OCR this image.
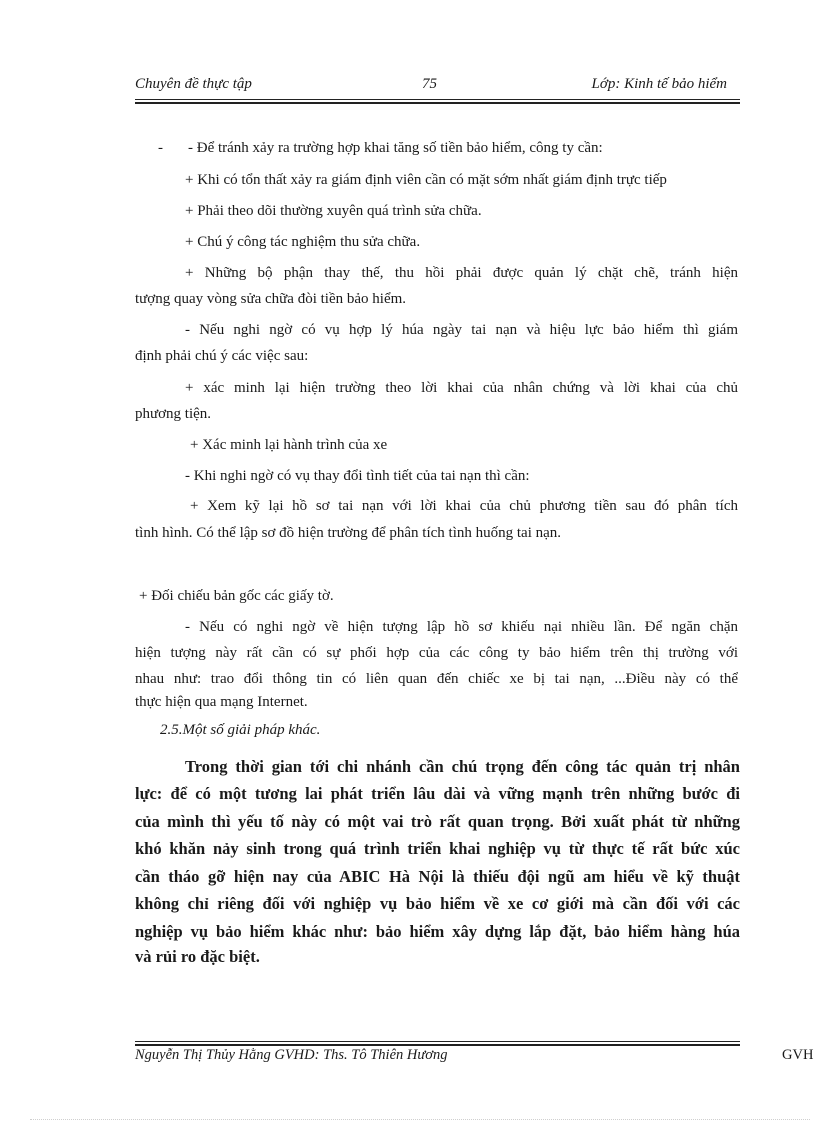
Chuyên đề thực tập	75	Lớp: Kinh tế bảo hiểm
- - Để tránh xảy ra trường hợp khai tăng số tiền bảo hiểm, công ty cần:
+ Khi có tổn thất xảy ra giám định viên cần có mặt sớm nhất giám định trực tiếp
+ Phải theo dõi thường xuyên quá trình sửa chữa.
+ Chú ý công tác nghiệm thu sửa chữa.
+ Những bộ phận thay thế, thu hồi phải được quản lý chặt chẽ, tránh hiện
tượng quay vòng sửa chữa đòi tiền bảo hiểm.
- Nếu nghi ngờ có vụ hợp lý húa ngày tai nạn và hiệu lực bảo hiểm thì giám
định phải chú ý các việc sau:
+ xác minh lại hiện trường theo lời khai của nhân chứng và lời khai của chủ
phương tiện.
+ Xác minh lại hành trình của xe
- Khi nghi ngờ có vụ thay đổi tình tiết của tai nạn thì cần:
+ Xem kỹ lại hồ sơ tai nạn với lời khai của chủ phương tiền sau đó phân tích
tình hình. Có thể lập sơ đồ hiện trường để phân tích tình huống tai nạn.
+ Đối chiếu bản gốc các giấy tờ.
- Nếu có nghi ngờ về hiện tượng lập hồ sơ khiếu nại nhiều lần. Để ngăn chặn
hiện tượng này rất cần có sự phối hợp của các công ty bảo hiểm trên thị trường với
nhau như: trao đổi thông tin có liên quan đến chiếc xe bị tai nạn, ...Điều này có thể
thực hiện qua mạng Internet.
2.5.Một số giải pháp khác.
Trong thời gian tới chi nhánh cần chú trọng đến công tác quản trị nhân
lực: để có một tương lai phát triển lâu dài và vững mạnh trên những bước đi
của mình thì yếu tố này có một vai trò rất quan trọng. Bởi xuất phát từ những
khó khăn nảy sinh trong quá trình triển khai nghiệp vụ từ thực tế rất bức xúc
cần tháo gỡ hiện nay của ABIC Hà Nội là thiếu đội ngũ am hiểu về kỹ thuật
không chỉ riêng đối với nghiệp vụ bảo hiểm về xe cơ giới mà cần đối với các
nghiệp vụ bảo hiểm khác như: bảo hiểm xây dựng lắp đặt, bảo hiểm hàng húa
và rủi ro đặc biệt.
Nguyễn Thị Thủy Hằng GVHD: Ths. Tô Thiên Hương	GVH
